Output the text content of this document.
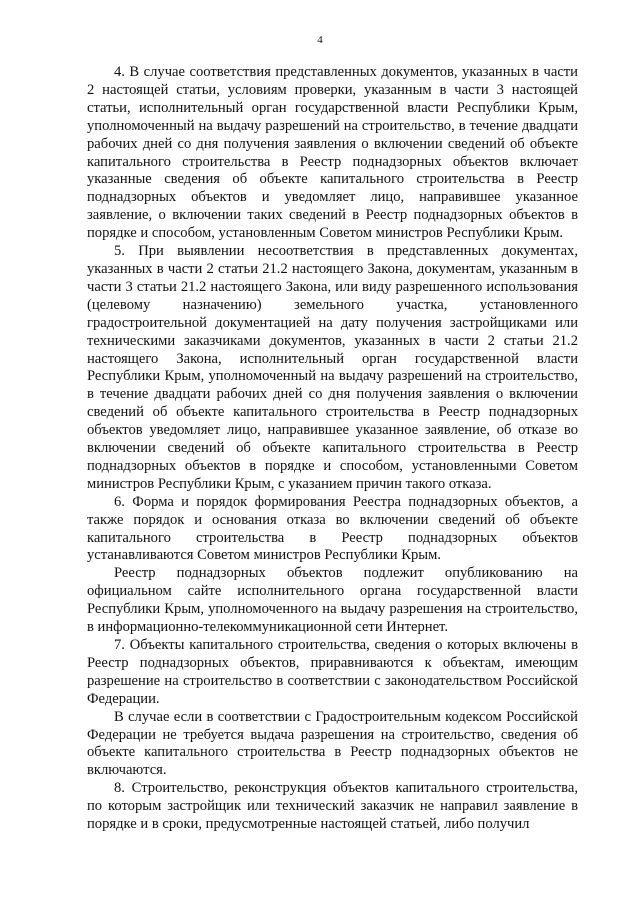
4

4. В случае соответствия представленных документов, указанных в части 2 настоящей статьи, условиям проверки, указанным в части 3 настоящей статьи, исполнительный орган государственной власти Республики Крым, уполномоченный на выдачу разрешений на строительство, в течение двадцати рабочих дней со дня получения заявления о включении сведений об объекте капитального строительства в Реестр поднадзорных объектов включает указанные сведения об объекте капитального строительства в Реестр поднадзорных объектов и уведомляет лицо, направившее указанное заявление, о включении таких сведений в Реестр поднадзорных объектов в порядке и способом, установленным Советом министров Республики Крым.

5. При выявлении несоответствия в представленных документах, указанных в части 2 статьи 21.2 настоящего Закона, документам, указанным в части 3 статьи 21.2 настоящего Закона, или виду разрешенного использования (целевому назначению) земельного участка, установленного градостроительной документацией на дату получения застройщиками или техническими заказчиками документов, указанных в части 2 статьи 21.2 настоящего Закона, исполнительный орган государственной власти Республики Крым, уполномоченный на выдачу разрешений на строительство, в течение двадцати рабочих дней со дня получения заявления о включении сведений об объекте капитального строительства в Реестр поднадзорных объектов уведомляет лицо, направившее указанное заявление, об отказе во включении сведений об объекте капитального строительства в Реестр поднадзорных объектов в порядке и способом, установленными Советом министров Республики Крым, с указанием причин такого отказа.

6. Форма и порядок формирования Реестра поднадзорных объектов, а также порядок и основания отказа во включении сведений об объекте капитального строительства в Реестр поднадзорных объектов устанавливаются Советом министров Республики Крым.

Реестр поднадзорных объектов подлежит опубликованию на официальном сайте исполнительного органа государственной власти Республики Крым, уполномоченного на выдачу разрешения на строительство, в информационно-телекоммуникационной сети Интернет.

7. Объекты капитального строительства, сведения о которых включены в Реестр поднадзорных объектов, приравниваются к объектам, имеющим разрешение на строительство в соответствии с законодательством Российской Федерации.

В случае если в соответствии с Градостроительным кодексом Российской Федерации не требуется выдача разрешения на строительство, сведения об объекте капитального строительства в Реестр поднадзорных объектов не включаются.

8. Строительство, реконструкция объектов капитального строительства, по которым застройщик или технический заказчик не направил заявление в порядке и в сроки, предусмотренные настоящей статьей, либо получил
